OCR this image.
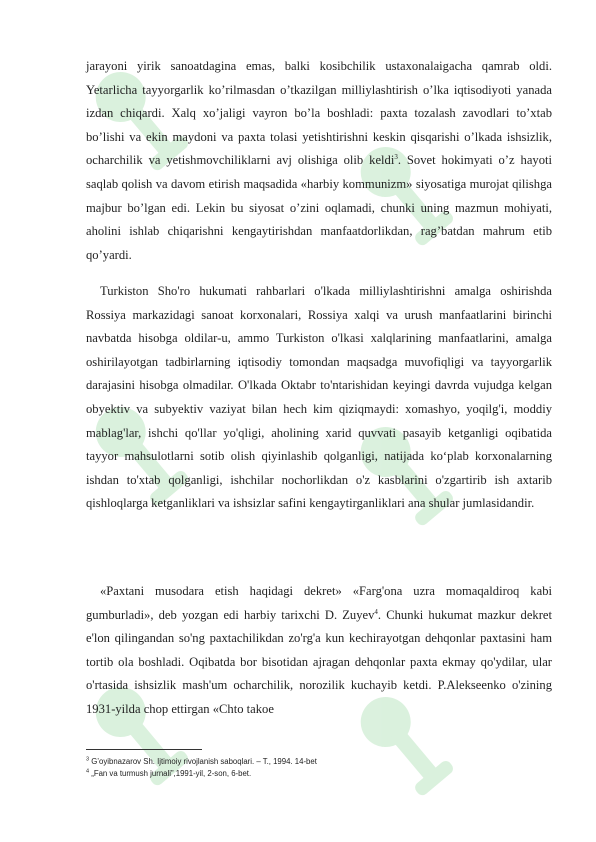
jarayoni yirik sanoatdagina emas, balki kosibchilik ustaxonalaigacha qamrab oldi. Yetarlicha tayyorgarlik ko’rilmasdan o’tkazilgan milliylashtirish o’lka iqtisodiyoti yanada izdan chiqardi. Xalq xo’jaligi vayron bo’la boshladi: paxta tozalash zavodlari to’xtab bo’lishi va ekin maydoni va paxta tolasi yetishtirishni keskin qisqarishi o’lkada ishsizlik, ocharchilik va yetishmovchiliklarni avj olishiga olib keldi$^3$. Sovet hokimyati o’z hayoti saqlab qolish va davom etirish maqsadida «harbiy kommunizm» siyosatiga murojat qilishga majbur bo’lgan edi. Lekin bu siyosat o’zini oqlamadi, chunki uning mazmun mohiyati, aholini ishlab chiqarishni kengaytirishdan manfaatdorlikdan, rag’batdan mahrum etib qo’yardi.

Turkiston Sho'ro hukumati rahbarlari o'lkada milliylashtirishni amalga oshirishda Rossiya markazidagi sanoat korxonalari, Rossiya xalqi va urush manfaatlarini birinchi navbatda hisobga oldilar-u, ammo Turkiston o'lkasi xalqlarining manfaatlarini, amalga oshirilayotgan tadbirlarning iqtisodiy tomondan maqsadga muvofiqligi va tayyorgarlik darajasini hisobga olmadilar. O'lkada Oktabr to'ntarishidan keyingi davrda vujudga kelgan obyektiv va subyektiv vaziyat bilan hech kim qiziqmaydi: xomashyo, yoqilg'i, moddiy mablag'lar, ishchi qo'llar yo'qligi, aholining xarid quvvati pasayib ketganligi oqibatida tayyor mahsulotlarni sotib olish qiyinlashib qolganligi, natijada ko‘plab korxonalarning ishdan to'xtab qolganligi, ishchilar nochorlikdan o'z kasblarini o'zgartirib ish axtarib qishloqlarga ketganliklari va ishsizlar safini kengaytirganliklari ana shular jumlasidandir.

«Paxtani musodara etish haqidagi dekret» «Farg'ona uzra momaqaldiroq kabi gumburladi», deb yozgan edi harbiy tarixchi D. Zuyev$^4$. Chunki hukumat mazkur dekret e'lon qilingandan so'ng paxtachilikdan zo'rg'a kun kechirayotgan dehqonlar paxtasini ham tortib ola boshladi. Oqibatda bor bisotidan ajragan dehqonlar paxta ekmay qo'ydilar, ular o'rtasida ishsizlik mash'um ocharchilik, norozilik kuchayib ketdi. P.Alekseenko o'zining 1931-yilda chop ettirgan «Chto takoe

$^3$ G’oyibnazarov Sh. Ijtimoiy rivojlanish saboqlari. – T., 1994. 14-bet

$^4$ „Fan va turmush jurnali”,1991-yil, 2-son, 6-bet.
